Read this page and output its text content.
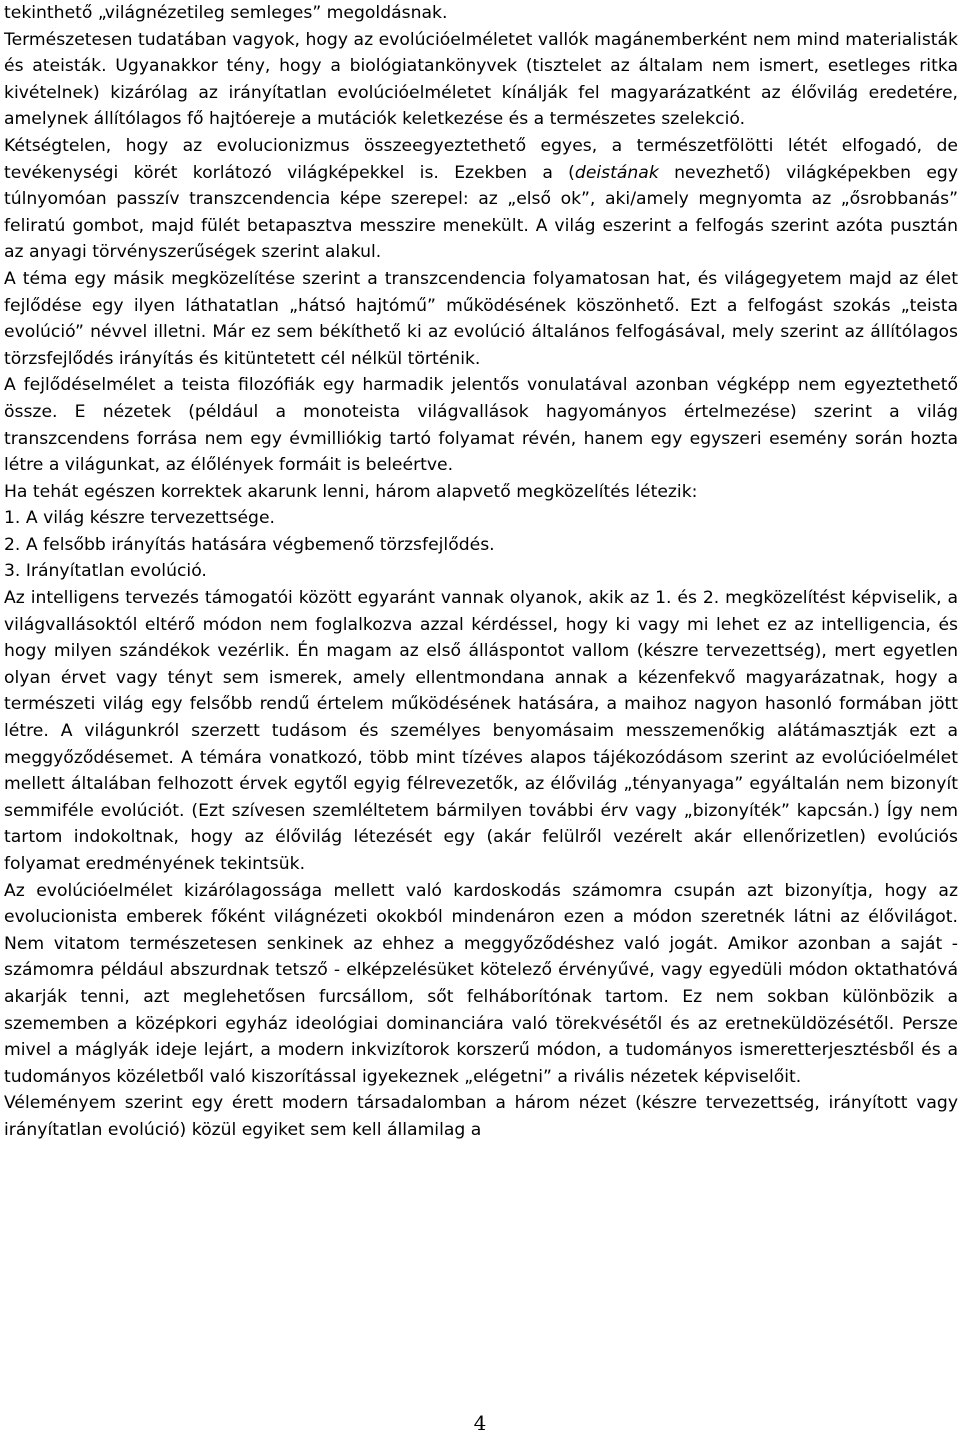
tekinthető „világnézetileg semleges” megoldásnak.

Természetesen tudatában vagyok, hogy az evolúcióelméletet vallók magánemberként nem mind materialisták és ateisták. Ugyanakkor tény, hogy a biológiatankönyvek (tisztelet az általam nem ismert, esetleges ritka kivételnek) kizárólag az irányítatlan evolúcióelméletet kínálják fel magyarázatként az élővilág eredetére, amelynek állítólagos fő hajtóereje a mutációk keletkezése és a természetes szelekció.

Kétségtelen, hogy az evolucionizmus összeegyeztethető egyes, a természetfölötti létét elfogadó, de tevékenységi körét korlátozó világképekkel is. Ezekben a (deistának nevezhető) világképekben egy túlnyomóan passzív transzcendencia képe szerepel: az „első ok”, aki/amely megnyomta az „ősrobbanás” feliratú gombot, majd fülét betapasztva messzire menekült. A világ eszerint a felfogás szerint azóta pusztán az anyagi törvényszerűségek szerint alakul.

A téma egy másik megközelítése szerint a transzcendencia folyamatosan hat, és világegyetem majd az élet fejlődése egy ilyen láthatatlan „hátsó hajtómű” működésének köszönhető. Ezt a felfogást szokás „teista evolúció” névvel illetni. Már ez sem békíthető ki az evolúció általános felfogásával, mely szerint az állítólagos törzsfejlődés irányítás és kitüntetett cél nélkül történik.

A fejlődéselmélet a teista filozófiák egy harmadik jelentős vonulatával azonban végképp nem egyeztethető össze. E nézetek (például a monoteista világvallások hagyományos értelmezése) szerint a világ transzcendens forrása nem egy évmilliókig tartó folyamat révén, hanem egy egyszeri esemény során hozta létre a világunkat, az élőlények formáit is beleértve.

Ha tehát egészen korrektek akarunk lenni, három alapvető megközelítés létezik:

1. A világ készre tervezettsége.

2. A felsőbb irányítás hatására végbemenő törzsfejlődés.

3. Irányítatlan evolúció.

Az intelligens tervezés támogatói között egyaránt vannak olyanok, akik az 1. és 2. megközelítést képviselik, a világvallásoktól eltérő módon nem foglalkozva azzal kérdéssel, hogy ki vagy mi lehet ez az intelligencia, és hogy milyen szándékok vezérlik. Én magam az első álláspontot vallom (készre tervezettség), mert egyetlen olyan érvet vagy tényt sem ismerek, amely ellentmondana annak a kézenfekvő magyarázatnak, hogy a természeti világ egy felsőbb rendű értelem működésének hatására, a maihoz nagyon hasonló formában jött létre. A világunkról szerzett tudásom és személyes benyomásaim messzemenőkig alátámasztják ezt a meggyőződésemet. A témára vonatkozó, több mint tízéves alapos tájékozódásom szerint az evolúcióelmélet mellett általában felhozott érvek egytől egyig félrevezetők, az élővilág „tényanyaga” egyáltalán nem bizonyít semmiféle evolúciót. (Ezt szívesen szemléltetem bármilyen további érv vagy „bizonyíték” kapcsán.) Így nem tartom indokoltnak, hogy az élővilág létezését egy (akár felülről vezérelt akár ellenőrizetlen) evolúciós folyamat eredményének tekintsük.

Az evolúcióelmélet kizárólagossága mellett való kardoskodás számomra csupán azt bizonyítja, hogy az evolucionista emberek főként világnézeti okokból mindenáron ezen a módon szeretnék látni az élővilágot. Nem vitatom természetesen senkinek az ehhez a meggyőződéshez való jogát. Amikor azonban a saját - számomra például abszurdnak tetsző - elképzelésüket kötelező érvényűvé, vagy egyedüli módon oktathatóvá akarják tenni, azt meglehetősen furcsállom, sőt felháborítónak tartom. Ez nem sokban különbözik a szememben a középkori egyház ideológiai dominanciára való törekvésétől és az eretneküldözésétől. Persze mivel a máglyák ideje lejárt, a modern inkvizítorok korszerű módon, a tudományos ismeretterjesztésből és a tudományos közéletből való kiszorítással igyekeznek „elégetni” a rivális nézetek képviselőit.

Véleményem szerint egy érett modern társadalomban a három nézet (készre tervezettség, irányított vagy irányítatlan evolúció) közül egyiket sem kell államilag a

4
